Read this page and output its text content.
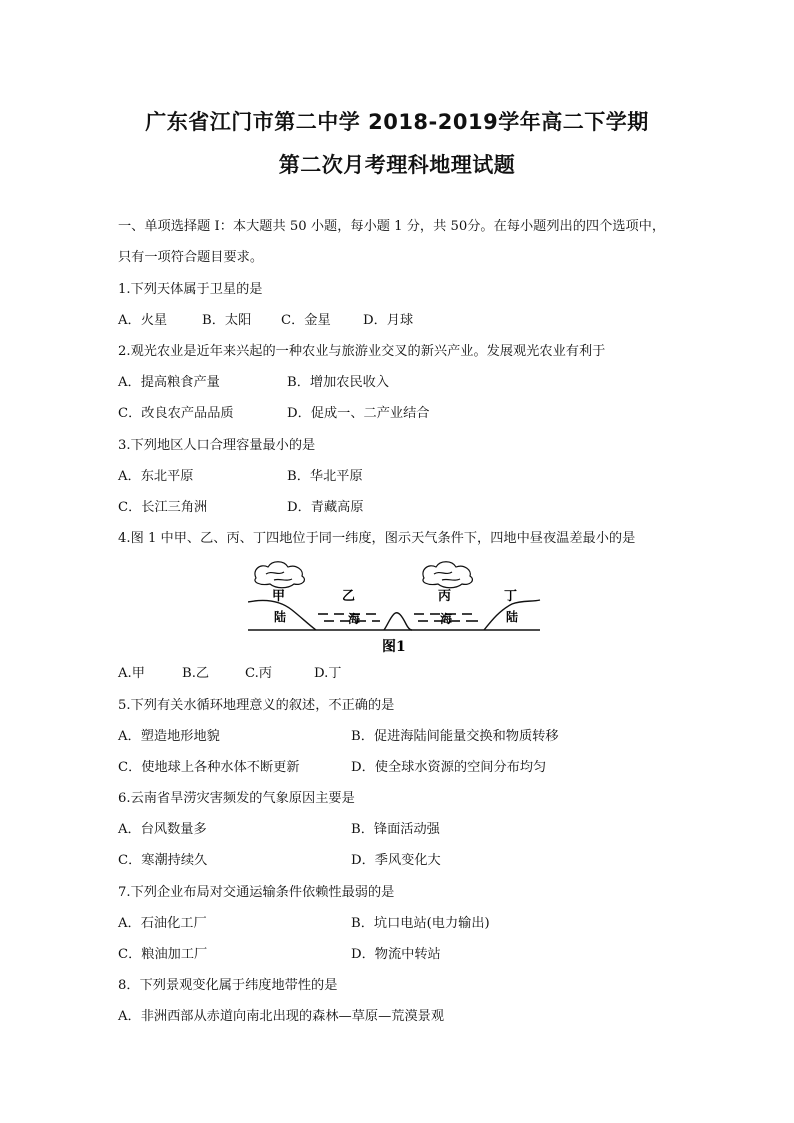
广东省江门市第二中学 2018-2019学年高二下学期
第二次月考理科地理试题
一、单项选择题 I：本大题共 50 小题，每小题 1 分，共 50分。在每小题列出的四个选项中，
只有一项符合题目要求。
1.下列天体属于卫星的是
A．火星	B．太阳 C．金星 D．月球
2.观光农业是近年来兴起的一种农业与旅游业交叉的新兴产业。发展观光农业有利于
A．提高粮食产量	B．增加农民收入
C．改良农产品品质	D．促成一、二产业结合
3.下列地区人口合理容量最小的是
A．东北平原	B．华北平原
C．长江三角洲	D．青藏高原
4.图 1 中甲、乙、丙、丁四地位于同一纬度，图示天气条件下，四地中昼夜温差最小的是
甲	乙	丙	丁
陆	海	海	陆
图1
A.甲	B.乙	C.丙	D.丁
5.下列有关水循环地理意义的叙述，不正确的是
A．塑造地形地貌	B．促进海陆间能量交换和物质转移
C．使地球上各种水体不断更新	D．使全球水资源的空间分布均匀
6.云南省旱涝灾害频发的气象原因主要是
A．台风数量多	B．锋面活动强
C．寒潮持续久	D．季风变化大
7.下列企业布局对交通运输条件依赖性最弱的是
A．石油化工厂	B．坑口电站(电力输出)
C．粮油加工厂	D．物流中转站
8．下列景观变化属于纬度地带性的是
A．非洲西部从赤道向南北出现的森林—草原—荒漠景观
